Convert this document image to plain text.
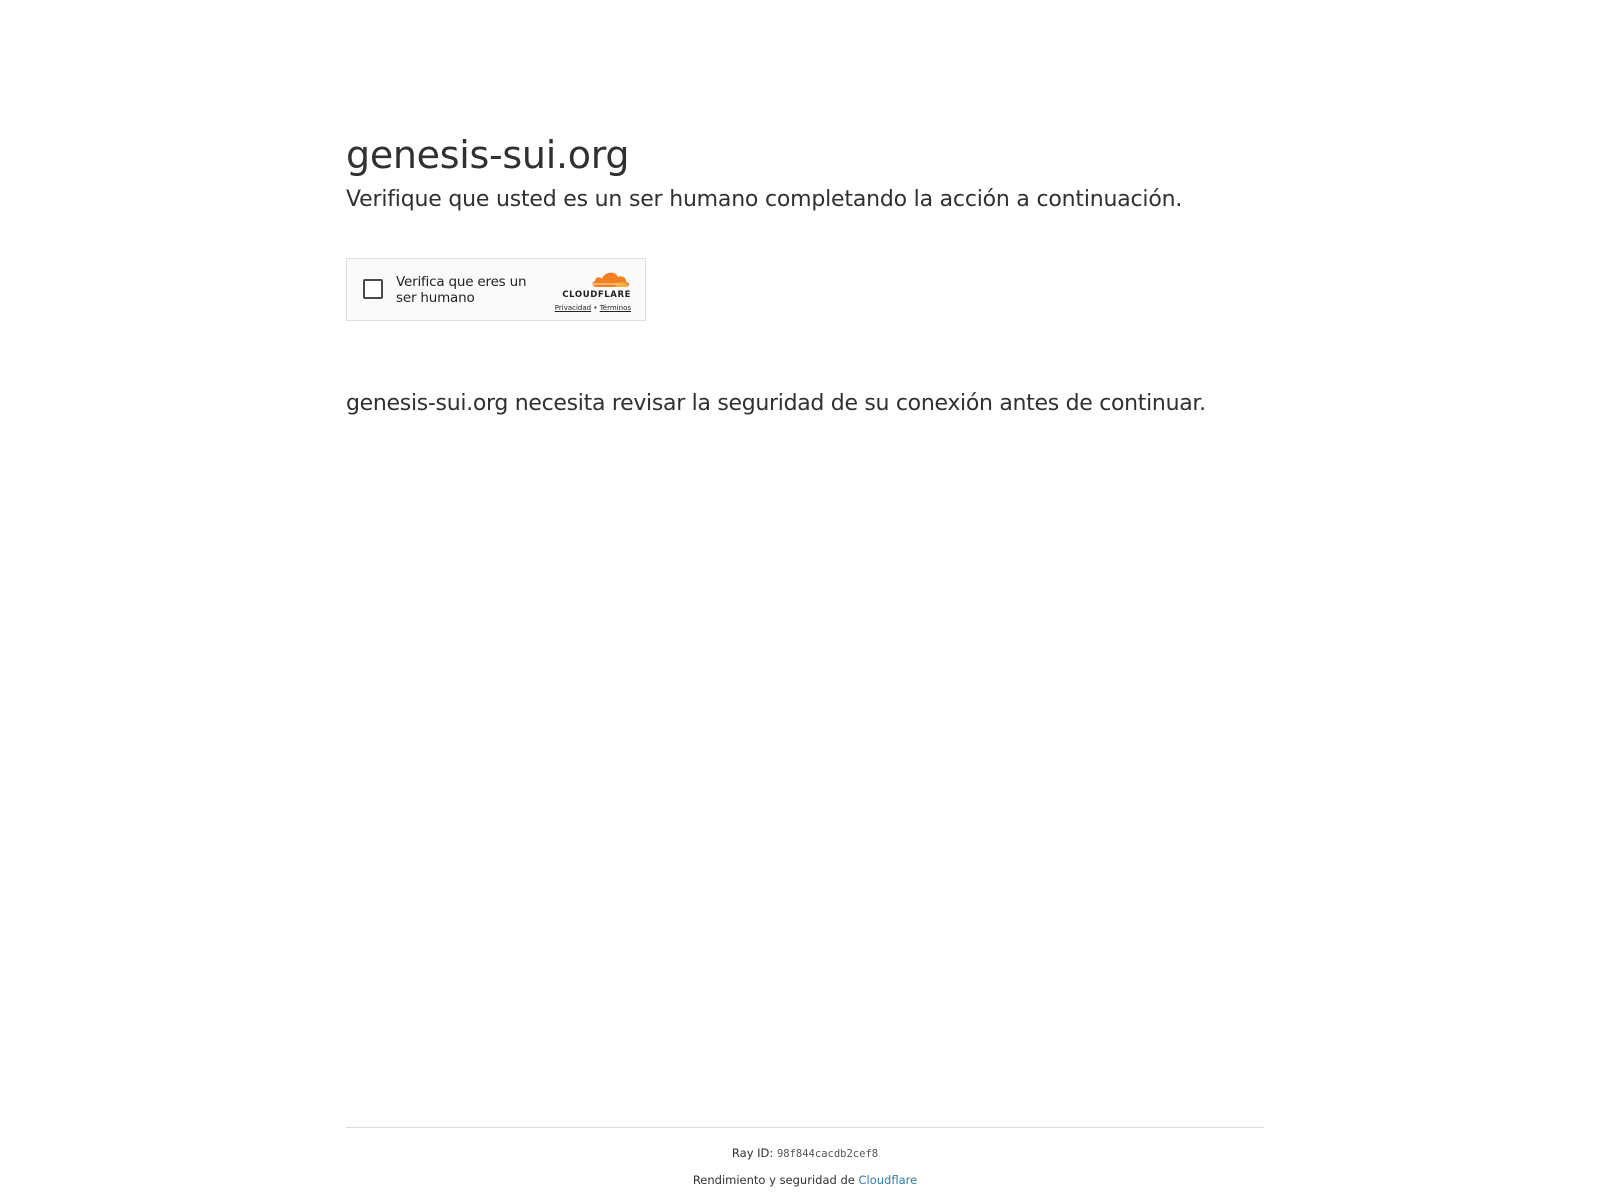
genesis-sui.org

Verifique que usted es un ser humano completando la acción a continuación.

Verifica que eres un ser humano	CLOUDFLARE
Privacidad • Términos

genesis-sui.org necesita revisar la seguridad de su conexión antes de continuar.

Ray ID: 98f844cacdb2cef8
Rendimiento y seguridad de Cloudflare
